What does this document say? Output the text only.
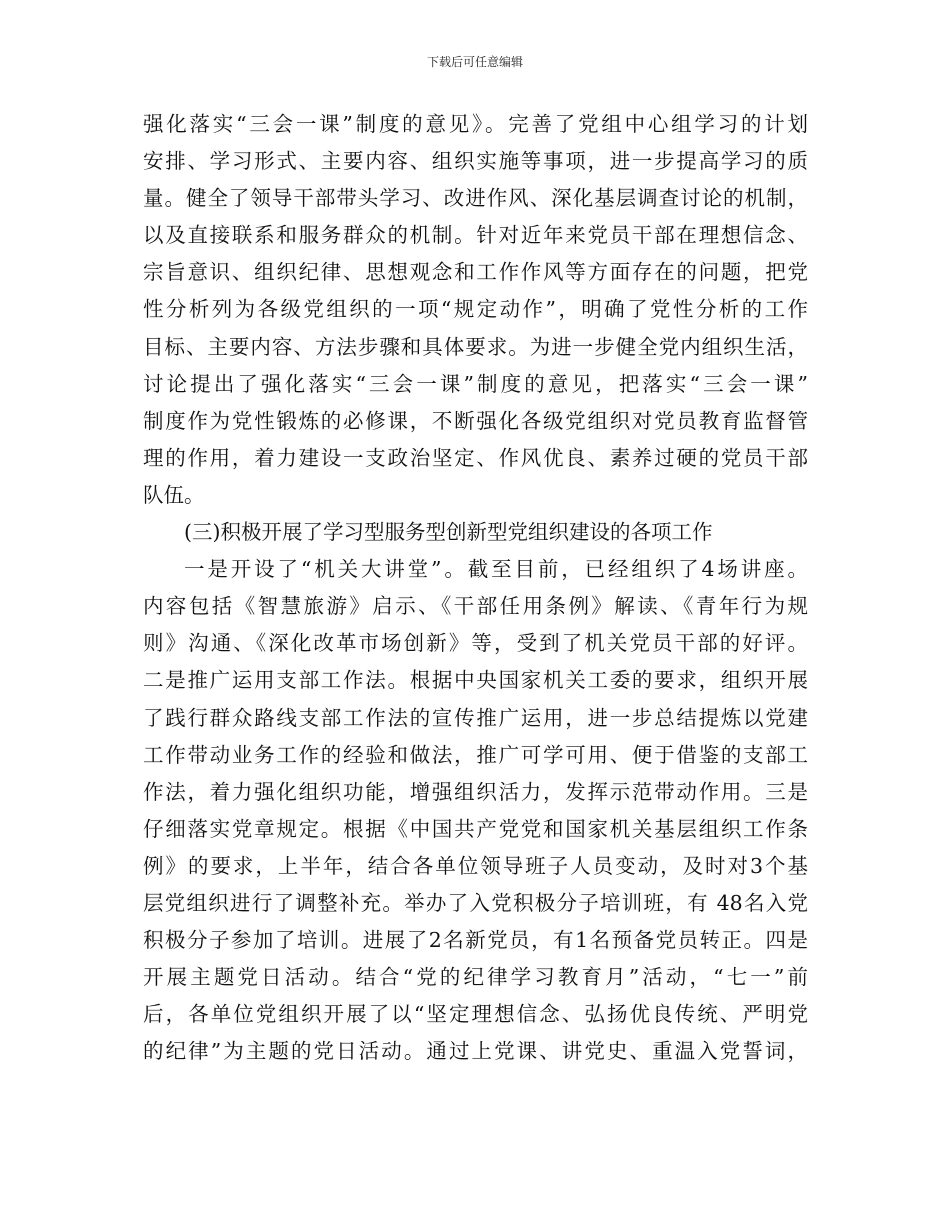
下载后可任意编辑
强化落实“三会一课”制度的意见》。完善了党组中心组学习的计划
安排、学习形式、主要内容、组织实施等事项，进一步提高学习的质
量。健全了领导干部带头学习、改进作风、深化基层调查讨论的机制，
以及直接联系和服务群众的机制。针对近年来党员干部在理想信念、
宗旨意识、组织纪律、思想观念和工作作风等方面存在的问题，把党
性分析列为各级党组织的一项“规定动作”，明确了党性分析的工作
目标、主要内容、方法步骤和具体要求。为进一步健全党内组织生活，
讨论提出了强化落实“三会一课”制度的意见，把落实“三会一课”
制度作为党性锻炼的必修课，不断强化各级党组织对党员教育监督管
理的作用，着力建设一支政治坚定、作风优良、素养过硬的党员干部
队伍。
(三)积极开展了学习型服务型创新型党组织建设的各项工作
一是开设了“机关大讲堂”。截至目前，已经组织了4场讲座。
内容包括《智慧旅游》启示、《干部任用条例》解读、《青年行为规
则》沟通、《深化改革市场创新》等，受到了机关党员干部的好评。
二是推广运用支部工作法。根据中央国家机关工委的要求，组织开展
了践行群众路线支部工作法的宣传推广运用，进一步总结提炼以党建
工作带动业务工作的经验和做法，推广可学可用、便于借鉴的支部工
作法，着力强化组织功能，增强组织活力，发挥示范带动作用。三是
仔细落实党章规定。根据《中国共产党党和国家机关基层组织工作条
例》的要求，上半年，结合各单位领导班子人员变动，及时对3个基
层党组织进行了调整补充。举办了入党积极分子培训班，有 48名入党
积极分子参加了培训。进展了2名新党员，有1名预备党员转正。四是
开展主题党日活动。结合“党的纪律学习教育月”活动，“七一”前
后，各单位党组织开展了以“坚定理想信念、弘扬优良传统、严明党
的纪律”为主题的党日活动。通过上党课、讲党史、重温入党誓词，
